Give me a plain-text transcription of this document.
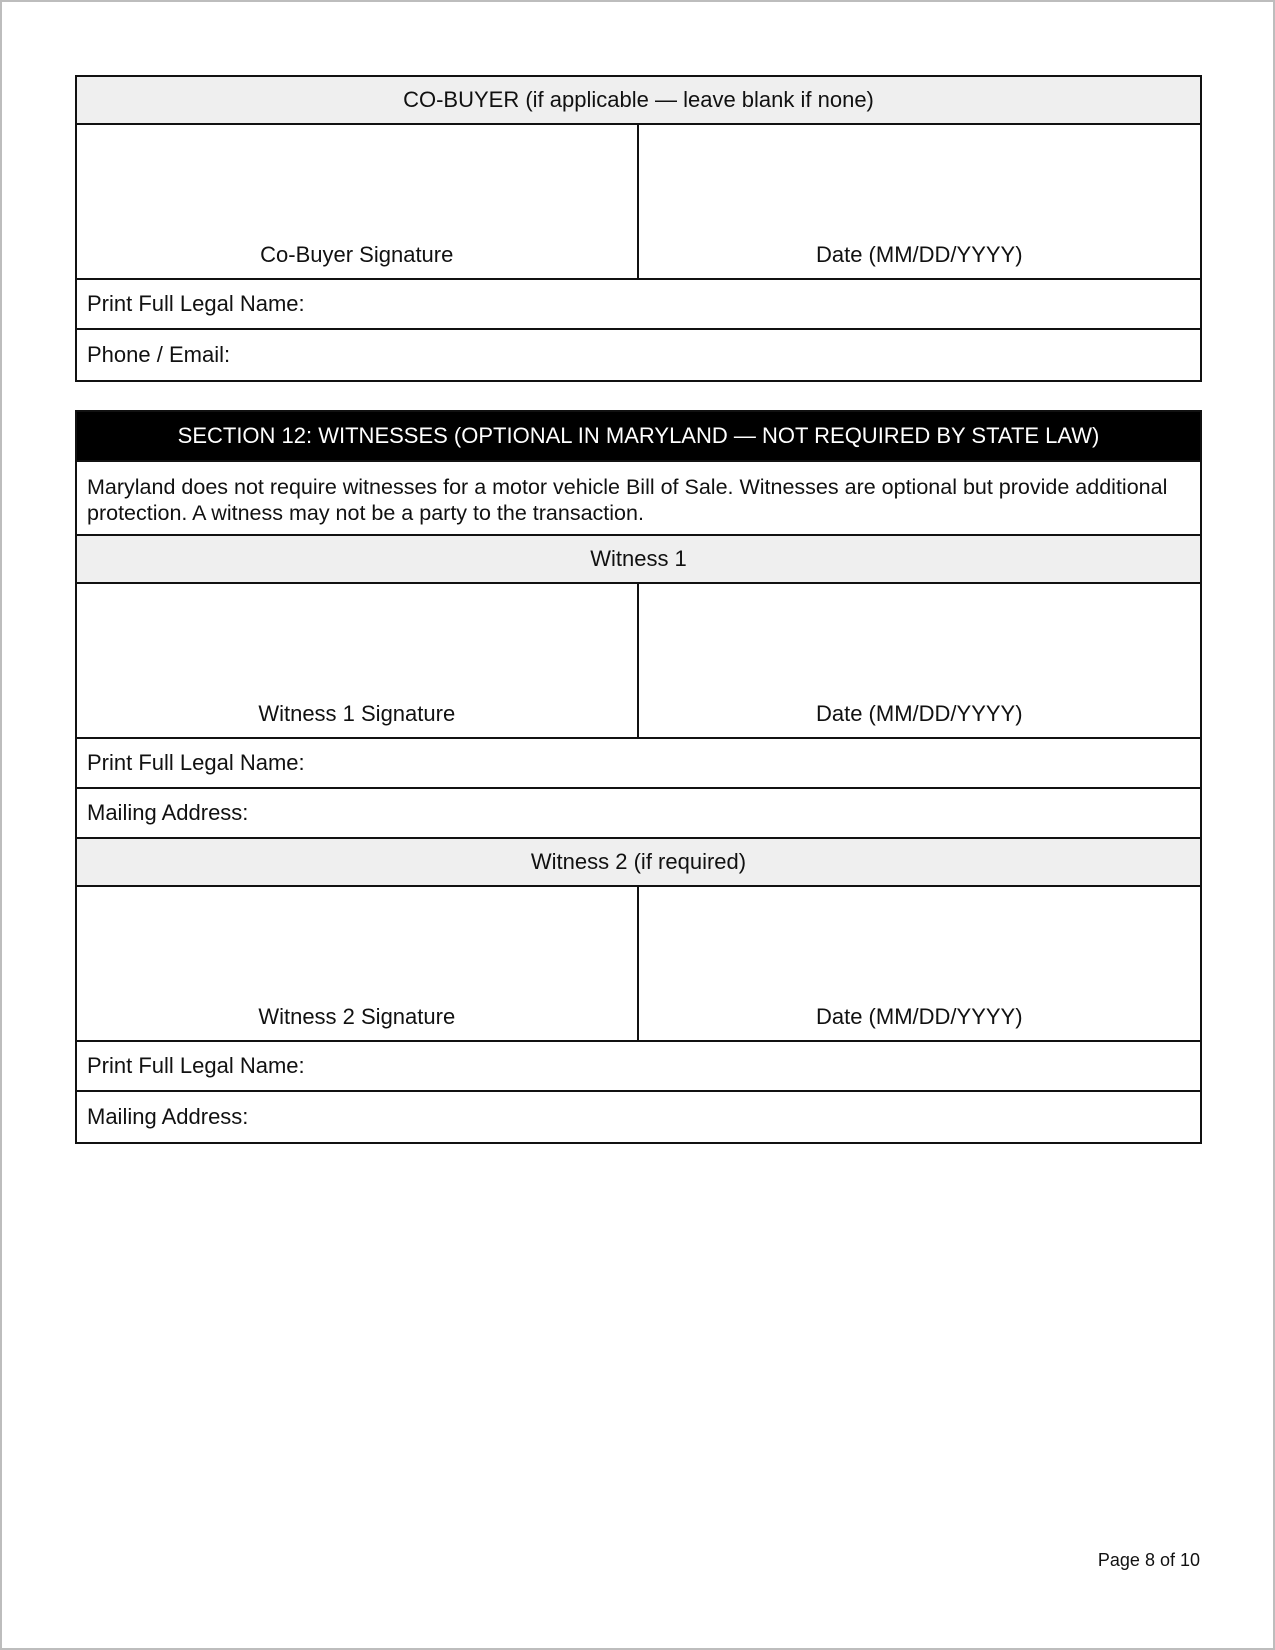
CO-BUYER (if applicable — leave blank if none)
Co-Buyer Signature	Date (MM/DD/YYYY)
Print Full Legal Name:
Phone / Email:
SECTION 12: WITNESSES (OPTIONAL IN MARYLAND — NOT REQUIRED BY STATE LAW)
Maryland does not require witnesses for a motor vehicle Bill of Sale. Witnesses are optional but provide additional protection. A witness may not be a party to the transaction.
Witness 1
Witness 1 Signature	Date (MM/DD/YYYY)
Print Full Legal Name:
Mailing Address:
Witness 2 (if required)
Witness 2 Signature	Date (MM/DD/YYYY)
Print Full Legal Name:
Mailing Address:
Page 8 of 10
